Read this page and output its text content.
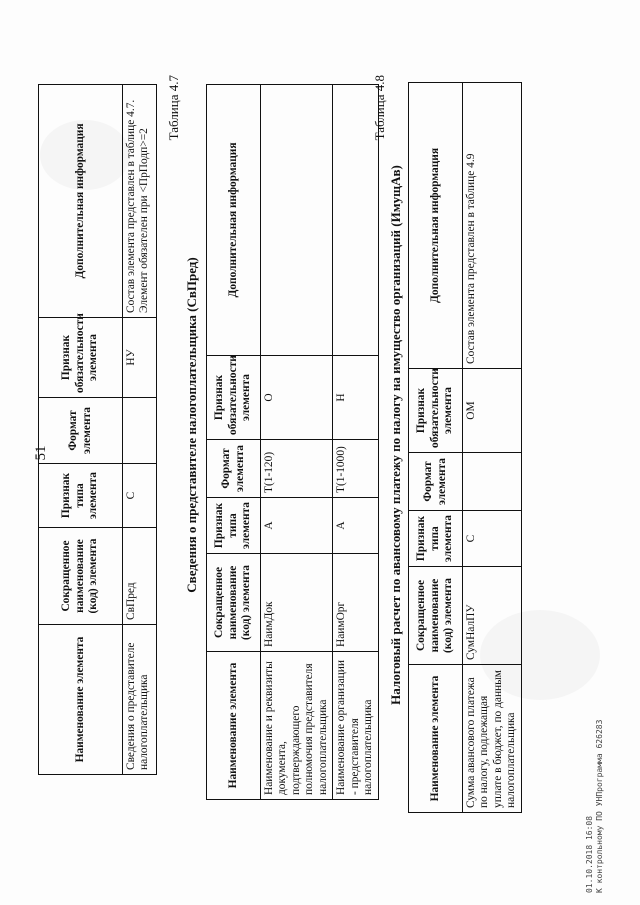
51
Наименование элемента	Сокращенное наименование (код) элемента	Признак типа элемента	Формат элемента	Признак обязательности элемента	Дополнительная информация
Сведения о представителе налогоплательщика	СвПред	С		НУ	Состав элемента представлен в таблице 4.7. Элемент обязателен при <ПрПодп>=2
Таблица 4.7
Сведения о представителе налогоплательщика (СвПред)
Наименование элемента	Сокращенное наименование (код) элемента	Признак типа элемента	Формат элемента	Признак обязательности элемента	Дополнительная информация
Наименование и реквизиты документа, подтверждающего полномочия представителя налогоплательщика	НаимДок	А	Т(1-120)	О	
Наименование организации - представителя налогоплательщика	НаимОрг	А	Т(1-1000)	Н	
Таблица 4.8
Налоговый расчет по авансовому платежу по налогу на имущество организаций (ИмущАв)
Наименование элемента	Сокращенное наименование (код) элемента	Признак типа элемента	Формат элемента	Признак обязательности элемента	Дополнительная информация
Сумма авансового платежа по налогу, подлежащая уплате в бюджет, по данным налогоплательщика	СумНалПУ	С		ОМ	Состав элемента представлен в таблице 4.9
01.10.2018 16:08 К контрольному ПО УНПрограмма 626283
